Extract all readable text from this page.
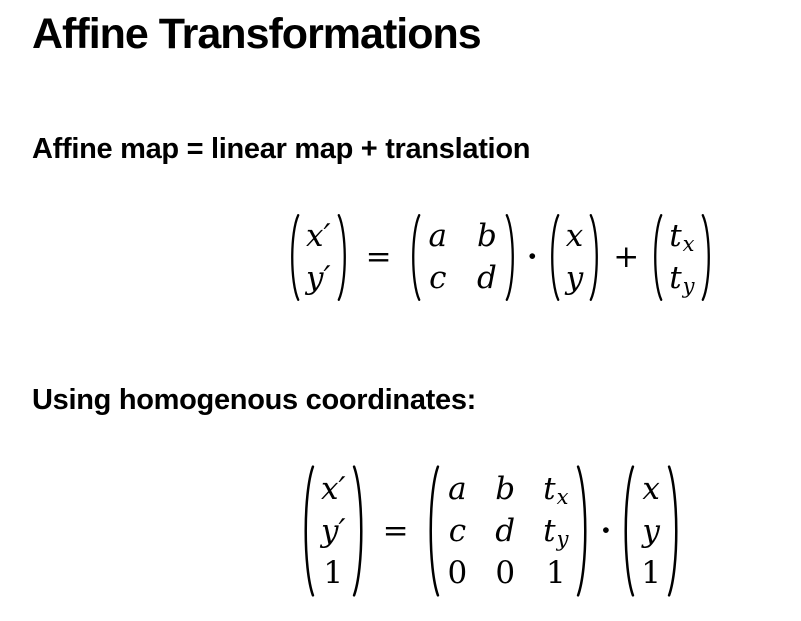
Affine Transformations
Affine map = linear map + translation
x′
y′
=
a b
c d
·
x
y
+
t x
t y
Using homogenous coordinates:
x′
y′
1
=
a b t x
c d t y
0 0 1
·
x
y
1
